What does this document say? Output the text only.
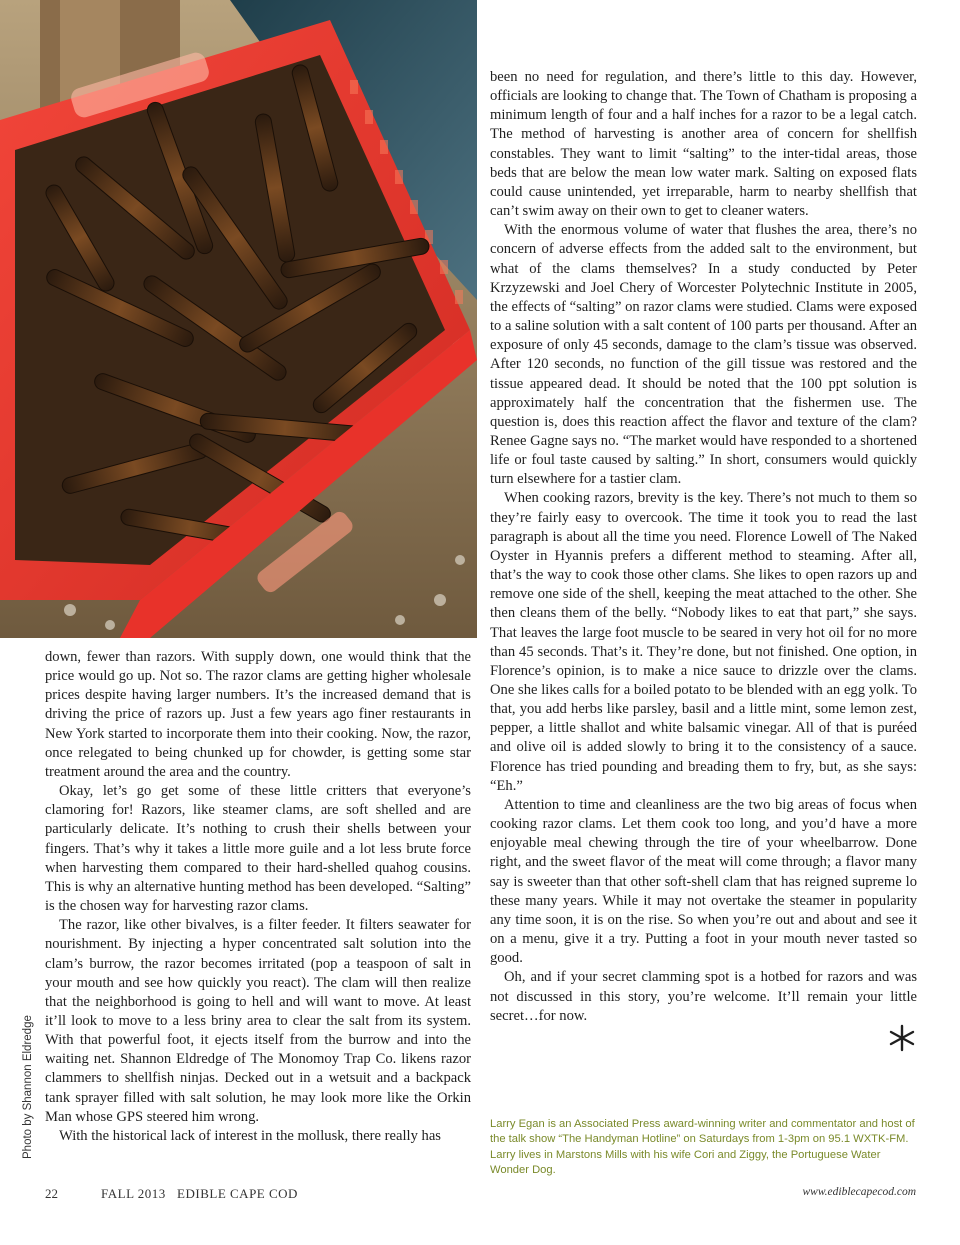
Photo by Shannon Eldredge

down, fewer than razors. With supply down, one would think that the price would go up. Not so. The razor clams are getting higher wholesale prices despite having larger numbers. It’s the increased demand that is driving the price of razors up. Just a few years ago finer restaurants in New York started to incorporate them into their cooking. Now, the razor, once relegated to being chunked up for chowder, is getting some star treatment around the area and the country.

Okay, let’s go get some of these little critters that everyone’s clamoring for! Razors, like steamer clams, are soft shelled and are particularly delicate. It’s nothing to crush their shells between your fingers. That’s why it takes a little more guile and a lot less brute force when harvesting them compared to their hard-shelled quahog cousins. This is why an alternative hunting method has been developed. “Salting” is the chosen way for harvesting razor clams.

The razor, like other bivalves, is a filter feeder. It filters seawater for nourishment. By injecting a hyper concentrated salt solution into the clam’s burrow, the razor becomes irritated (pop a teaspoon of salt in your mouth and see how quickly you react). The clam will then realize that the neighborhood is going to hell and will want to move. At least it’ll look to move to a less briny area to clear the salt from its system. With that powerful foot, it ejects itself from the burrow and into the waiting net. Shannon Eldredge of The Monomoy Trap Co. likens razor clammers to shellfish ninjas. Decked out in a wetsuit and a backpack tank sprayer filled with salt solution, he may look more like the Orkin Man whose GPS steered him wrong.

With the historical lack of interest in the mollusk, there really has

been no need for regulation, and there’s little to this day. However, officials are looking to change that. The Town of Chatham is proposing a minimum length of four and a half inches for a razor to be a legal catch. The method of harvesting is another area of concern for shellfish constables. They want to limit “salting” to the inter-tidal areas, those beds that are below the mean low water mark. Salting on exposed flats could cause unintended, yet irreparable, harm to nearby shellfish that can’t swim away on their own to get to cleaner waters.

With the enormous volume of water that flushes the area, there’s no concern of adverse effects from the added salt to the environment, but what of the clams themselves? In a study conducted by Peter Krzyzewski and Joel Chery of Worcester Polytechnic Institute in 2005, the effects of “salting” on razor clams were studied. Clams were exposed to a saline solution with a salt content of 100 parts per thousand. After an exposure of only 45 seconds, damage to the clam’s tissue was observed. After 120 seconds, no function of the gill tissue was restored and the tissue appeared dead. It should be noted that the 100 ppt solution is approximately half the concentration that the fishermen use. The question is, does this reaction affect the flavor and texture of the clam? Renee Gagne says no. “The market would have responded to a shortened life or foul taste caused by salting.” In short, consumers would quickly turn elsewhere for a tastier clam.

When cooking razors, brevity is the key. There’s not much to them so they’re fairly easy to overcook. The time it took you to read the last paragraph is about all the time you need. Florence Lowell of The Naked Oyster in Hyannis prefers a different method to steaming. After all, that’s the way to cook those other clams. She likes to open razors up and remove one side of the shell, keeping the meat attached to the other. She then cleans them of the belly. “Nobody likes to eat that part,” she says. That leaves the large foot muscle to be seared in very hot oil for no more than 45 seconds. That’s it. They’re done, but not finished. One option, in Florence’s opinion, is to make a nice sauce to drizzle over the clams. One she likes calls for a boiled potato to be blended with an egg yolk. To that, you add herbs like parsley, basil and a little mint, some lemon zest, pepper, a little shallot and white balsamic vinegar. All of that is puréed and olive oil is added slowly to bring it to the consistency of a sauce. Florence has tried pounding and breading them to fry, but, as she says: “Eh.”

Attention to time and cleanliness are the two big areas of focus when cooking razor clams. Let them cook too long, and you’d have a more enjoyable meal chewing through the tire of your wheelbarrow. Done right, and the sweet flavor of the meat will come through; a flavor many say is sweeter than that other soft-shell clam that has reigned supreme lo these many years. While it may not overtake the steamer in popularity any time soon, it is on the rise. So when you’re out and about and see it on a menu, give it a try. Putting a foot in your mouth never tasted so good.

Oh, and if your secret clamming spot is a hotbed for razors and was not discussed in this story, you’re welcome. It’ll remain your little secret…for now.

Larry Egan is an Associated Press award-winning writer and commentator and host of the talk show “The Handyman Hotline” on Saturdays from 1-3pm on 95.1 WXTK-FM. Larry lives in Marstons Mills with his wife Cori and Ziggy, the Portuguese Water Wonder Dog.
22	FALL 2013   EDIBLE CAPE COD	www.ediblecapecod.com
